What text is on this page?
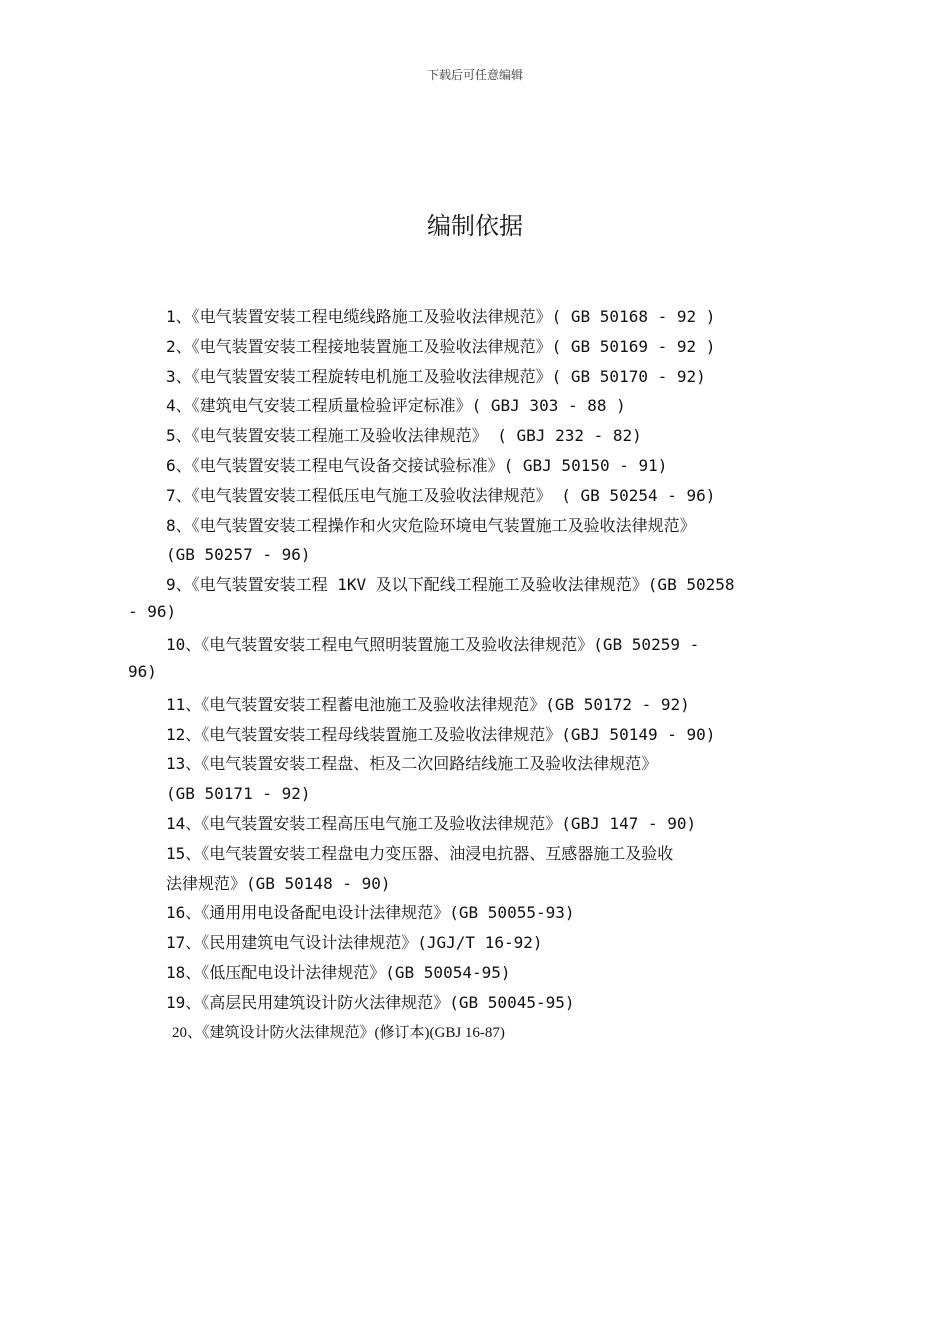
下载后可任意编辑
编制依据
1、《电气装置安装工程电缆线路施工及验收法律规范》( GB 50168 - 92 )
2、《电气装置安装工程接地装置施工及验收法律规范》( GB 50169 - 92 )
3、《电气装置安装工程旋转电机施工及验收法律规范》( GB 50170 - 92)
4、《建筑电气安装工程质量检验评定标准》( GBJ 303 - 88 )
5、《电气装置安装工程施工及验收法律规范》 ( GBJ 232 - 82)
6、《电气装置安装工程电气设备交接试验标准》( GBJ 50150 - 91)
7、《电气装置安装工程低压电气施工及验收法律规范》 ( GB 50254 - 96)
8、《电气装置安装工程操作和火灾危险环境电气装置施工及验收法律规范》
(GB 50257 - 96)
9、《电气装置安装工程 1KV 及以下配线工程施工及验收法律规范》(GB 50258
- 96)
10、《电气装置安装工程电气照明装置施工及验收法律规范》(GB 50259 -
96)
11、《电气装置安装工程蓄电池施工及验收法律规范》(GB 50172 - 92)
12、《电气装置安装工程母线装置施工及验收法律规范》(GBJ 50149 - 90)
13、《电气装置安装工程盘、柜及二次回路结线施工及验收法律规范》
(GB 50171 - 92)
14、《电气装置安装工程高压电气施工及验收法律规范》(GBJ 147 - 90)
15、《电气装置安装工程盘电力变压器、油浸电抗器、互感器施工及验收
法律规范》(GB 50148 - 90)
16、《通用用电设备配电设计法律规范》(GB 50055-93)
17、《民用建筑电气设计法律规范》(JGJ/T 16-92)
18、《低压配电设计法律规范》(GB 50054-95)
19、《高层民用建筑设计防火法律规范》(GB 50045-95)
20、《建筑设计防火法律规范》(修订本)(GBJ 16-87)
